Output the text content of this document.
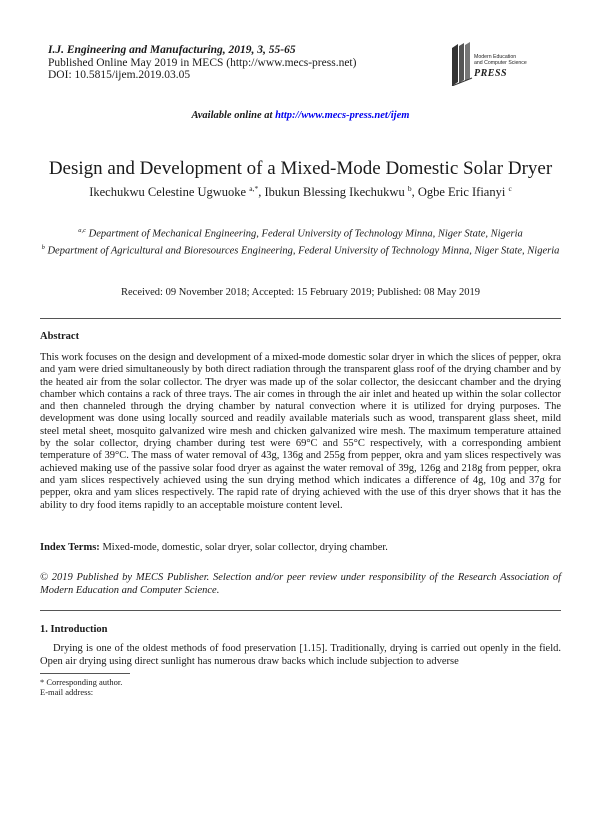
I.J. Engineering and Manufacturing, 2019, 3, 55-65
Published Online May 2019 in MECS (http://www.mecs-press.net)
DOI: 10.5815/ijem.2019.03.05
Modern Education
and Computer Science
PRESS
Available online at http://www.mecs-press.net/ijem
Design and Development of a Mixed-Mode Domestic Solar Dryer
Ikechukwu Celestine Ugwuoke $^{a,*}$, Ibukun Blessing Ikechukwu $^b$, Ogbe Eric Ifianyi $^c$
$^{a,c}$ Department of Mechanical Engineering, Federal University of Technology Minna, Niger State, Nigeria
$^b$ Department of Agricultural and Bioresources Engineering, Federal University of Technology Minna, Niger State, Nigeria
Received: 09 November 2018; Accepted: 15 February 2019; Published: 08 May 2019
Abstract
This work focuses on the design and development of a mixed-mode domestic solar dryer in which the slices of pepper, okra and yam were dried simultaneously by both direct radiation through the transparent glass roof of the drying chamber and by the heated air from the solar collector. The dryer was made up of the solar collector, the desiccant chamber and the drying chamber which contains a rack of three trays. The air comes in through the air inlet and heated up within the solar collector and then channeled through the drying chamber by natural convection where it is utilized for drying purposes. The development was done using locally sourced and readily available materials such as wood, transparent glass sheet, mild steel metal sheet, mosquito galvanized wire mesh and chicken galvanized wire mesh. The maximum temperature attained by the solar collector, drying chamber during test were 69°C and 55°C respectively, with a corresponding ambient temperature of 39°C. The mass of water removal of 43g, 136g and 255g from pepper, okra and yam slices respectively was achieved making use of the passive solar food dryer as against the water removal of 39g, 126g and 218g from pepper, okra and yam slices respectively achieved using the sun drying method which indicates a difference of 4g, 10g and 37g for pepper, okra and yam slices respectively. The rapid rate of drying achieved with the use of this dryer shows that it has the ability to dry food items rapidly to an acceptable moisture content level.
Index Terms: Mixed-mode, domestic, solar dryer, solar collector, drying chamber.
© 2019 Published by MECS Publisher. Selection and/or peer review under responsibility of the Research Association of Modern Education and Computer Science.
1. Introduction
Drying is one of the oldest methods of food preservation [1.15]. Traditionally, drying is carried out openly in the field. Open air drying using direct sunlight has numerous draw backs which include subjection to adverse
* Corresponding author.
E-mail address:
